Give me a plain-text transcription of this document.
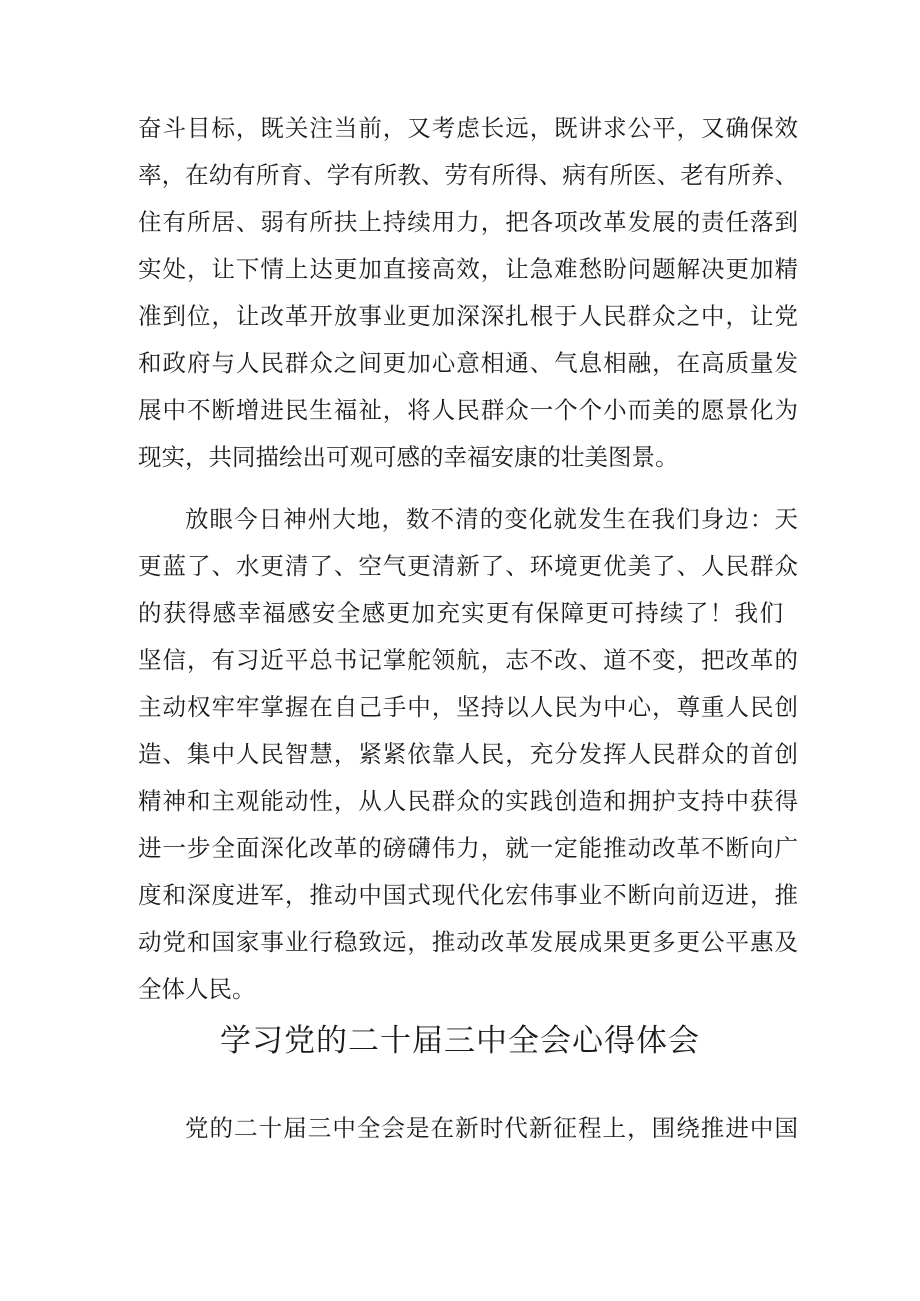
奋斗目标，既关注当前，又考虑长远，既讲求公平，又确保效
率，在幼有所育、学有所教、劳有所得、病有所医、老有所养、
住有所居、弱有所扶上持续用力，把各项改革发展的责任落到
实处，让下情上达更加直接高效，让急难愁盼问题解决更加精
准到位，让改革开放事业更加深深扎根于人民群众之中，让党
和政府与人民群众之间更加心意相通、气息相融，在高质量发
展中不断增进民生福祉，将人民群众一个个小而美的愿景化为
现实，共同描绘出可观可感的幸福安康的壮美图景。
放眼今日神州大地，数不清的变化就发生在我们身边：天
更蓝了、水更清了、空气更清新了、环境更优美了、人民群众
的获得感幸福感安全感更加充实更有保障更可持续了！我们
坚信，有习近平总书记掌舵领航，志不改、道不变，把改革的
主动权牢牢掌握在自己手中，坚持以人民为中心，尊重人民创
造、集中人民智慧，紧紧依靠人民，充分发挥人民群众的首创
精神和主观能动性，从人民群众的实践创造和拥护支持中获得
进一步全面深化改革的磅礴伟力，就一定能推动改革不断向广
度和深度进军，推动中国式现代化宏伟事业不断向前迈进，推
动党和国家事业行稳致远，推动改革发展成果更多更公平惠及
全体人民。
学习党的二十届三中全会心得体会
党的二十届三中全会是在新时代新征程上，围绕推进中国
